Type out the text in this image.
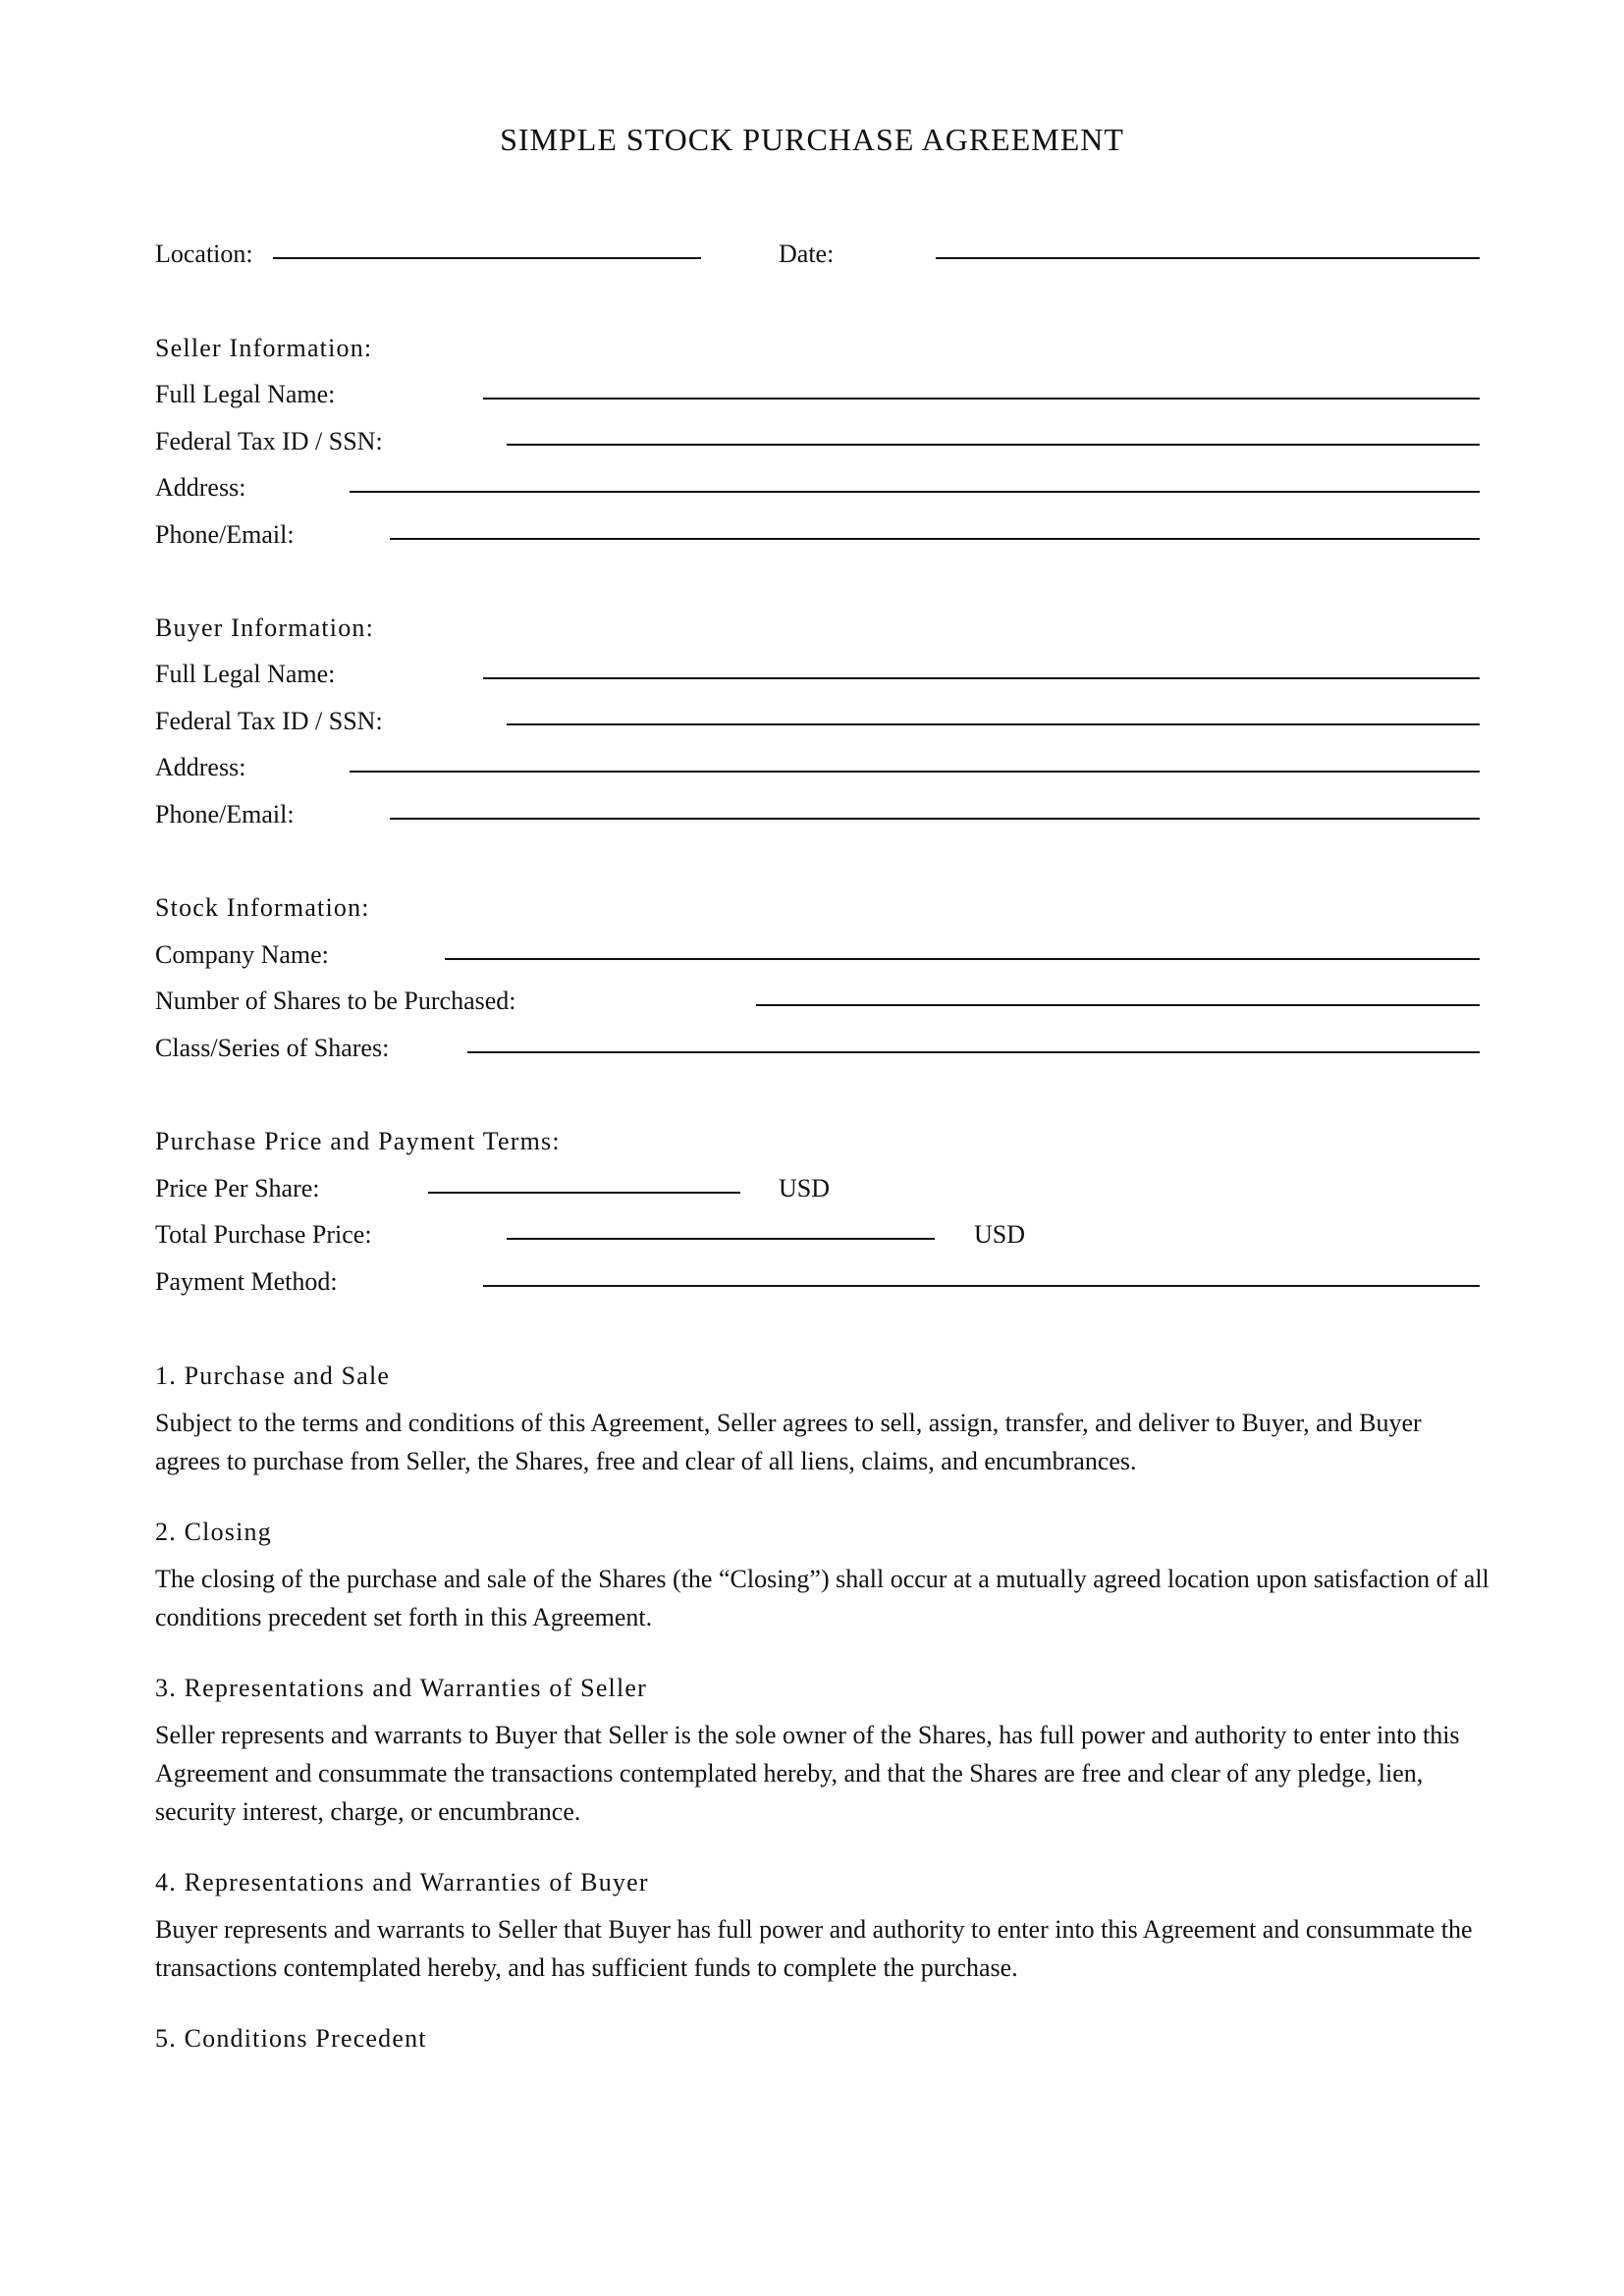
SIMPLE STOCK PURCHASE AGREEMENT
Location:	Date:
Seller Information:
Full Legal Name:
Federal Tax ID / SSN:
Address:
Phone/Email:
Buyer Information:
Full Legal Name:
Federal Tax ID / SSN:
Address:
Phone/Email:
Stock Information:
Company Name:
Number of Shares to be Purchased:
Class/Series of Shares:
Purchase Price and Payment Terms:
Price Per Share:	USD
Total Purchase Price:	USD
Payment Method:
1. Purchase and Sale
Subject to the terms and conditions of this Agreement, Seller agrees to sell, assign, transfer, and deliver to Buyer, and Buyer agrees to purchase from Seller, the Shares, free and clear of all liens, claims, and encumbrances.
2. Closing
The closing of the purchase and sale of the Shares (the “Closing”) shall occur at a mutually agreed location upon satisfaction of all conditions precedent set forth in this Agreement.
3. Representations and Warranties of Seller
Seller represents and warrants to Buyer that Seller is the sole owner of the Shares, has full power and authority to enter into this Agreement and consummate the transactions contemplated hereby, and that the Shares are free and clear of any pledge, lien, security interest, charge, or encumbrance.
4. Representations and Warranties of Buyer
Buyer represents and warrants to Seller that Buyer has full power and authority to enter into this Agreement and consummate the transactions contemplated hereby, and has sufficient funds to complete the purchase.
5. Conditions Precedent
